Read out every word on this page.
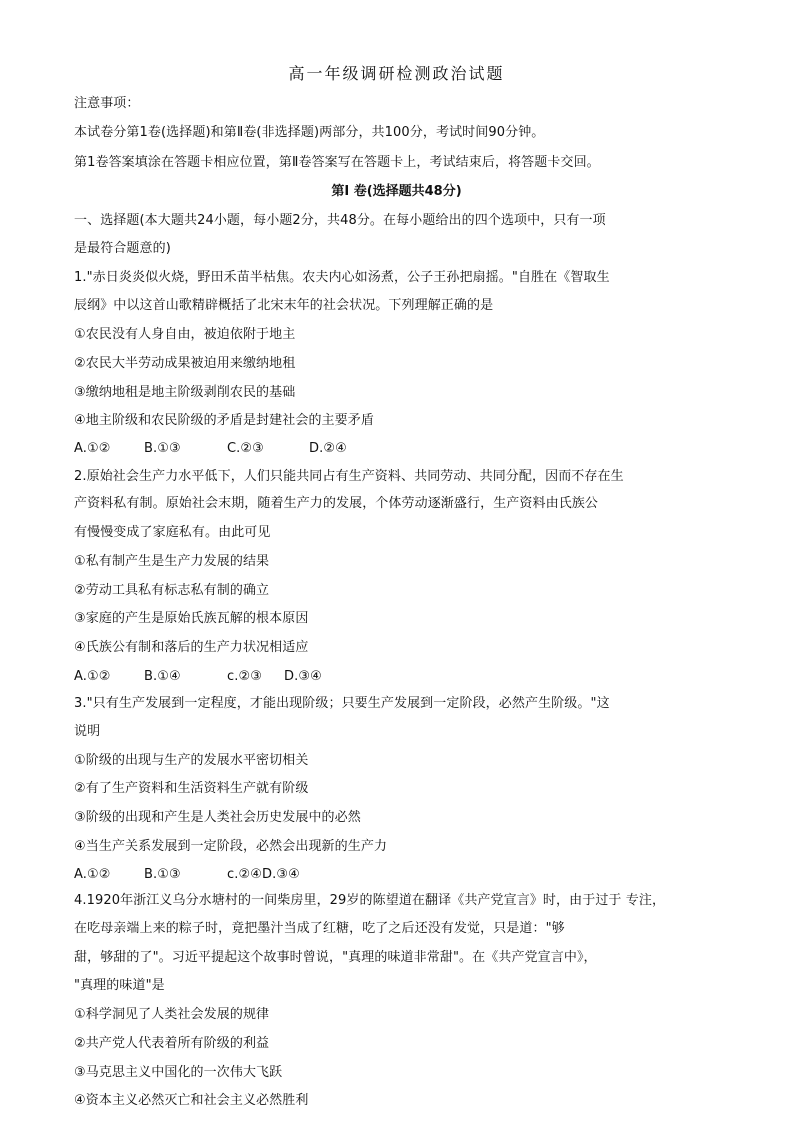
高一年级调研检测政治试题
注意事项：
本试卷分第1卷(选择题)和第Ⅱ卷(非选择题)两部分，共100分，考试时间90分钟。
第1卷答案填涂在答题卡相应位置，第Ⅱ卷答案写在答题卡上，考试结束后，将答题卡交回。
第I 卷(选择题共48分)
一、选择题(本大题共24小题，每小题2分，共48分。在每小题给出的四个选项中，只有一项
是最符合题意的)
1."赤日炎炎似火烧，野田禾苗半枯焦。农夫内心如汤煮，公子王孙把扇摇。"自胜在《智取生
辰纲》中以这首山歌精辟概括了北宋末年的社会状况。下列理解正确的是
①农民没有人身自由，被迫依附于地主
②农民大半劳动成果被迫用来缴纳地租
③缴纳地租是地主阶级剥削农民的基础
④地主阶级和农民阶级的矛盾是封建社会的主要矛盾
A.①②	B.①③	C.②③	D.②④
2.原始社会生产力水平低下，人们只能共同占有生产资料、共同劳动、共同分配，因而不存在生
产资料私有制。原始社会末期，随着生产力的发展，个体劳动逐渐盛行，生产资料由氏族公
有慢慢变成了家庭私有。由此可见
①私有制产生是生产力发展的结果
②劳动工具私有标志私有制的确立
③家庭的产生是原始氏族瓦解的根本原因
④氏族公有制和落后的生产力状况相适应
A.①②	B.①④	c.②③ D.③④
3."只有生产发展到一定程度，才能出现阶级；只要生产发展到一定阶段，必然产生阶级。"这
说明
①阶级的出现与生产的发展水平密切相关
②有了生产资料和生活资料生产就有阶级
③阶级的出现和产生是人类社会历史发展中的必然
④当生产关系发展到一定阶段，必然会出现新的生产力
A.①②	B.①③	c.②④D.③④
4.1920年浙江义乌分水塘村的一间柴房里，29岁的陈望道在翻译《共产党宣言》时，由于过于 专注，
在吃母亲端上来的粽子时，竟把墨汁当成了红糖，吃了之后还没有发觉，只是道："够
甜，够甜的了"。习近平提起这个故事时曾说，"真理的味道非常甜"。在《共产党宣言中》，
"真理的味道"是
①科学洞见了人类社会发展的规律
②共产党人代表着所有阶级的利益
③马克思主义中国化的一次伟大飞跃
④资本主义必然灭亡和社会主义必然胜利
